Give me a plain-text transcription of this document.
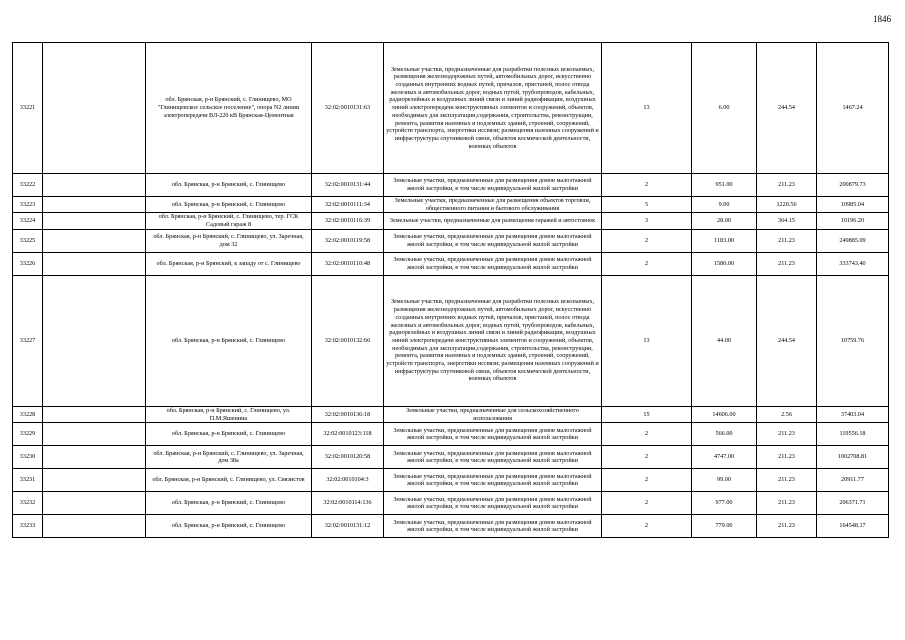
1846
33221		обл. Брянская, р-н Брянский, с. Глинищево, МО "Глинищевское сельское поселение", опора N2 линии электропередачи ВЛ-220 кВ Брянская-Цементная	32:02:0010131:63	Земельные участки, предназначенные для разработки полезных ископаемых, размещения железнодорожных путей, автомобильных дорог, искусственно созданных внутренних водных путей, причалов, пристаней, полос отвода железных и автомобильных дорог, водных путей, трубопроводов, кабельных, радиорелейных и воздушных линий связи и линий радиофикации, воздушных линий электропередачи конструктивных элементов и сооружений, объектов, необходимых для эксплуатации,содержания, строительства, реконструкции, ремонта, развития наземных и подземных зданий, строений, сооружений, устройств транспорта, энергетики иссвязи; размещения наземных сооружений и инфраструктуры спутниковой связи, объектов космической деятельности, военных объектов	13	6.00	244.54	1467.24
33222		обл. Брянская, р-н Брянский, с. Глинищево	32:02:0010131:44	Земельные участки, предназначенные для размещения домов малоэтажной жилой застройки, в том числе индивидуальной жилой застройки	2	951.00	211.23	200879.73
33223		обл. Брянская, р-н Брянский, с. Глинищево	32:02:0010111:34	Земельные участки, предназначенные для размещения объектов торговли, общественного питания и бытового обслуживания	5	9.00	1220.56	10985.04
33224		обл. Брянская, р-н Брянский, с. Глинищево, тер. ГСК Садовый гараж 8	32:02:0010116:39	Земельные участки, предназначенные для размещения гаражей и автостоянок	3	28.00	364.15	10196.20
33225		обл. Брянская, р-н Брянский, с. Глинищево, ул. Заречная, дом 32	32:02:0010119:58	Земельные участки, предназначенные для размещения домов малоэтажной жилой застройки, в том числе индивидуальной жилой застройки	2	1183.00	211.23	249885.09
33226		обл. Брянская, р-н Брянский, к западу от с. Глинищево	32:02:0010110:48	Земельные участки, предназначенные для размещения домов малоэтажной жилой застройки, в том числе индивидуальной жилой застройки	2	1580.00	211.23	333743.40
33227		обл. Брянская, р-н Брянский, с. Глинищево	32:02:0010132:66	Земельные участки, предназначенные для разработки полезных ископаемых, размещения железнодорожных путей, автомобильных дорог, искусственно созданных внутренних водных путей, причалов, пристаней, полос отвода железных и автомобильных дорог, водных путей, трубопроводов, кабельных, радиорелейных и воздушных линий связи и линий радиофикации, воздушных линий электропередачи конструктивных элементов и сооружений, объектов, необходимых для эксплуатации,содержания, строительства, реконструкции, ремонта, развития наземных и подземных зданий, строений, сооружений, устройств транспорта, энергетики иссвязи; размещения наземных сооружений и инфраструктуры спутниковой связи, объектов космической деятельности, военных объектов	13	44.00	244.54	10759.76
33228		обл. Брянская, р-н Брянский, с. Глинищево, ул. П.М.Яшенина	32:02:0010136:18	Земельные участки, предназначенные для сельскохозяйственного использования	15	14606.00	2.56	37403.04
33229		обл. Брянская, р-н Брянский, с. Глинищево	32:02:0010123:118	Земельные участки, предназначенные для размещения домов малоэтажной жилой застройки, в том числе индивидуальной жилой застройки	2	566.00	211.23	119556.18
33230		обл. Брянская, р-н Брянский, с. Глинищево, ул. Заречная, дом 38а	32:02:0010120:58	Земельные участки, предназначенные для размещения домов малоэтажной жилой застройки, в том числе индивидуальной жилой застройки	2	4747.00	211.23	1002708.81
33231		обл. Брянская, р-н Брянский, с. Глинищево, ул. Связистов	32:02:0010104:3	Земельные участки, предназначенные для размещения домов малоэтажной жилой застройки, в том числе индивидуальной жилой застройки	2	99.00	211.23	20911.77
33232		обл. Брянская, р-н Брянский, с. Глинищево	32:02:0010114:136	Земельные участки, предназначенные для размещения домов малоэтажной жилой застройки, в том числе индивидуальной жилой застройки	2	977.00	211.23	206371.71
33233		обл. Брянская, р-н Брянский, с. Глинищево	32:02:0010131:12	Земельные участки, предназначенные для размещения домов малоэтажной жилой застройки, в том числе индивидуальной жилой застройки	2	779.00	211.23	164548.17
